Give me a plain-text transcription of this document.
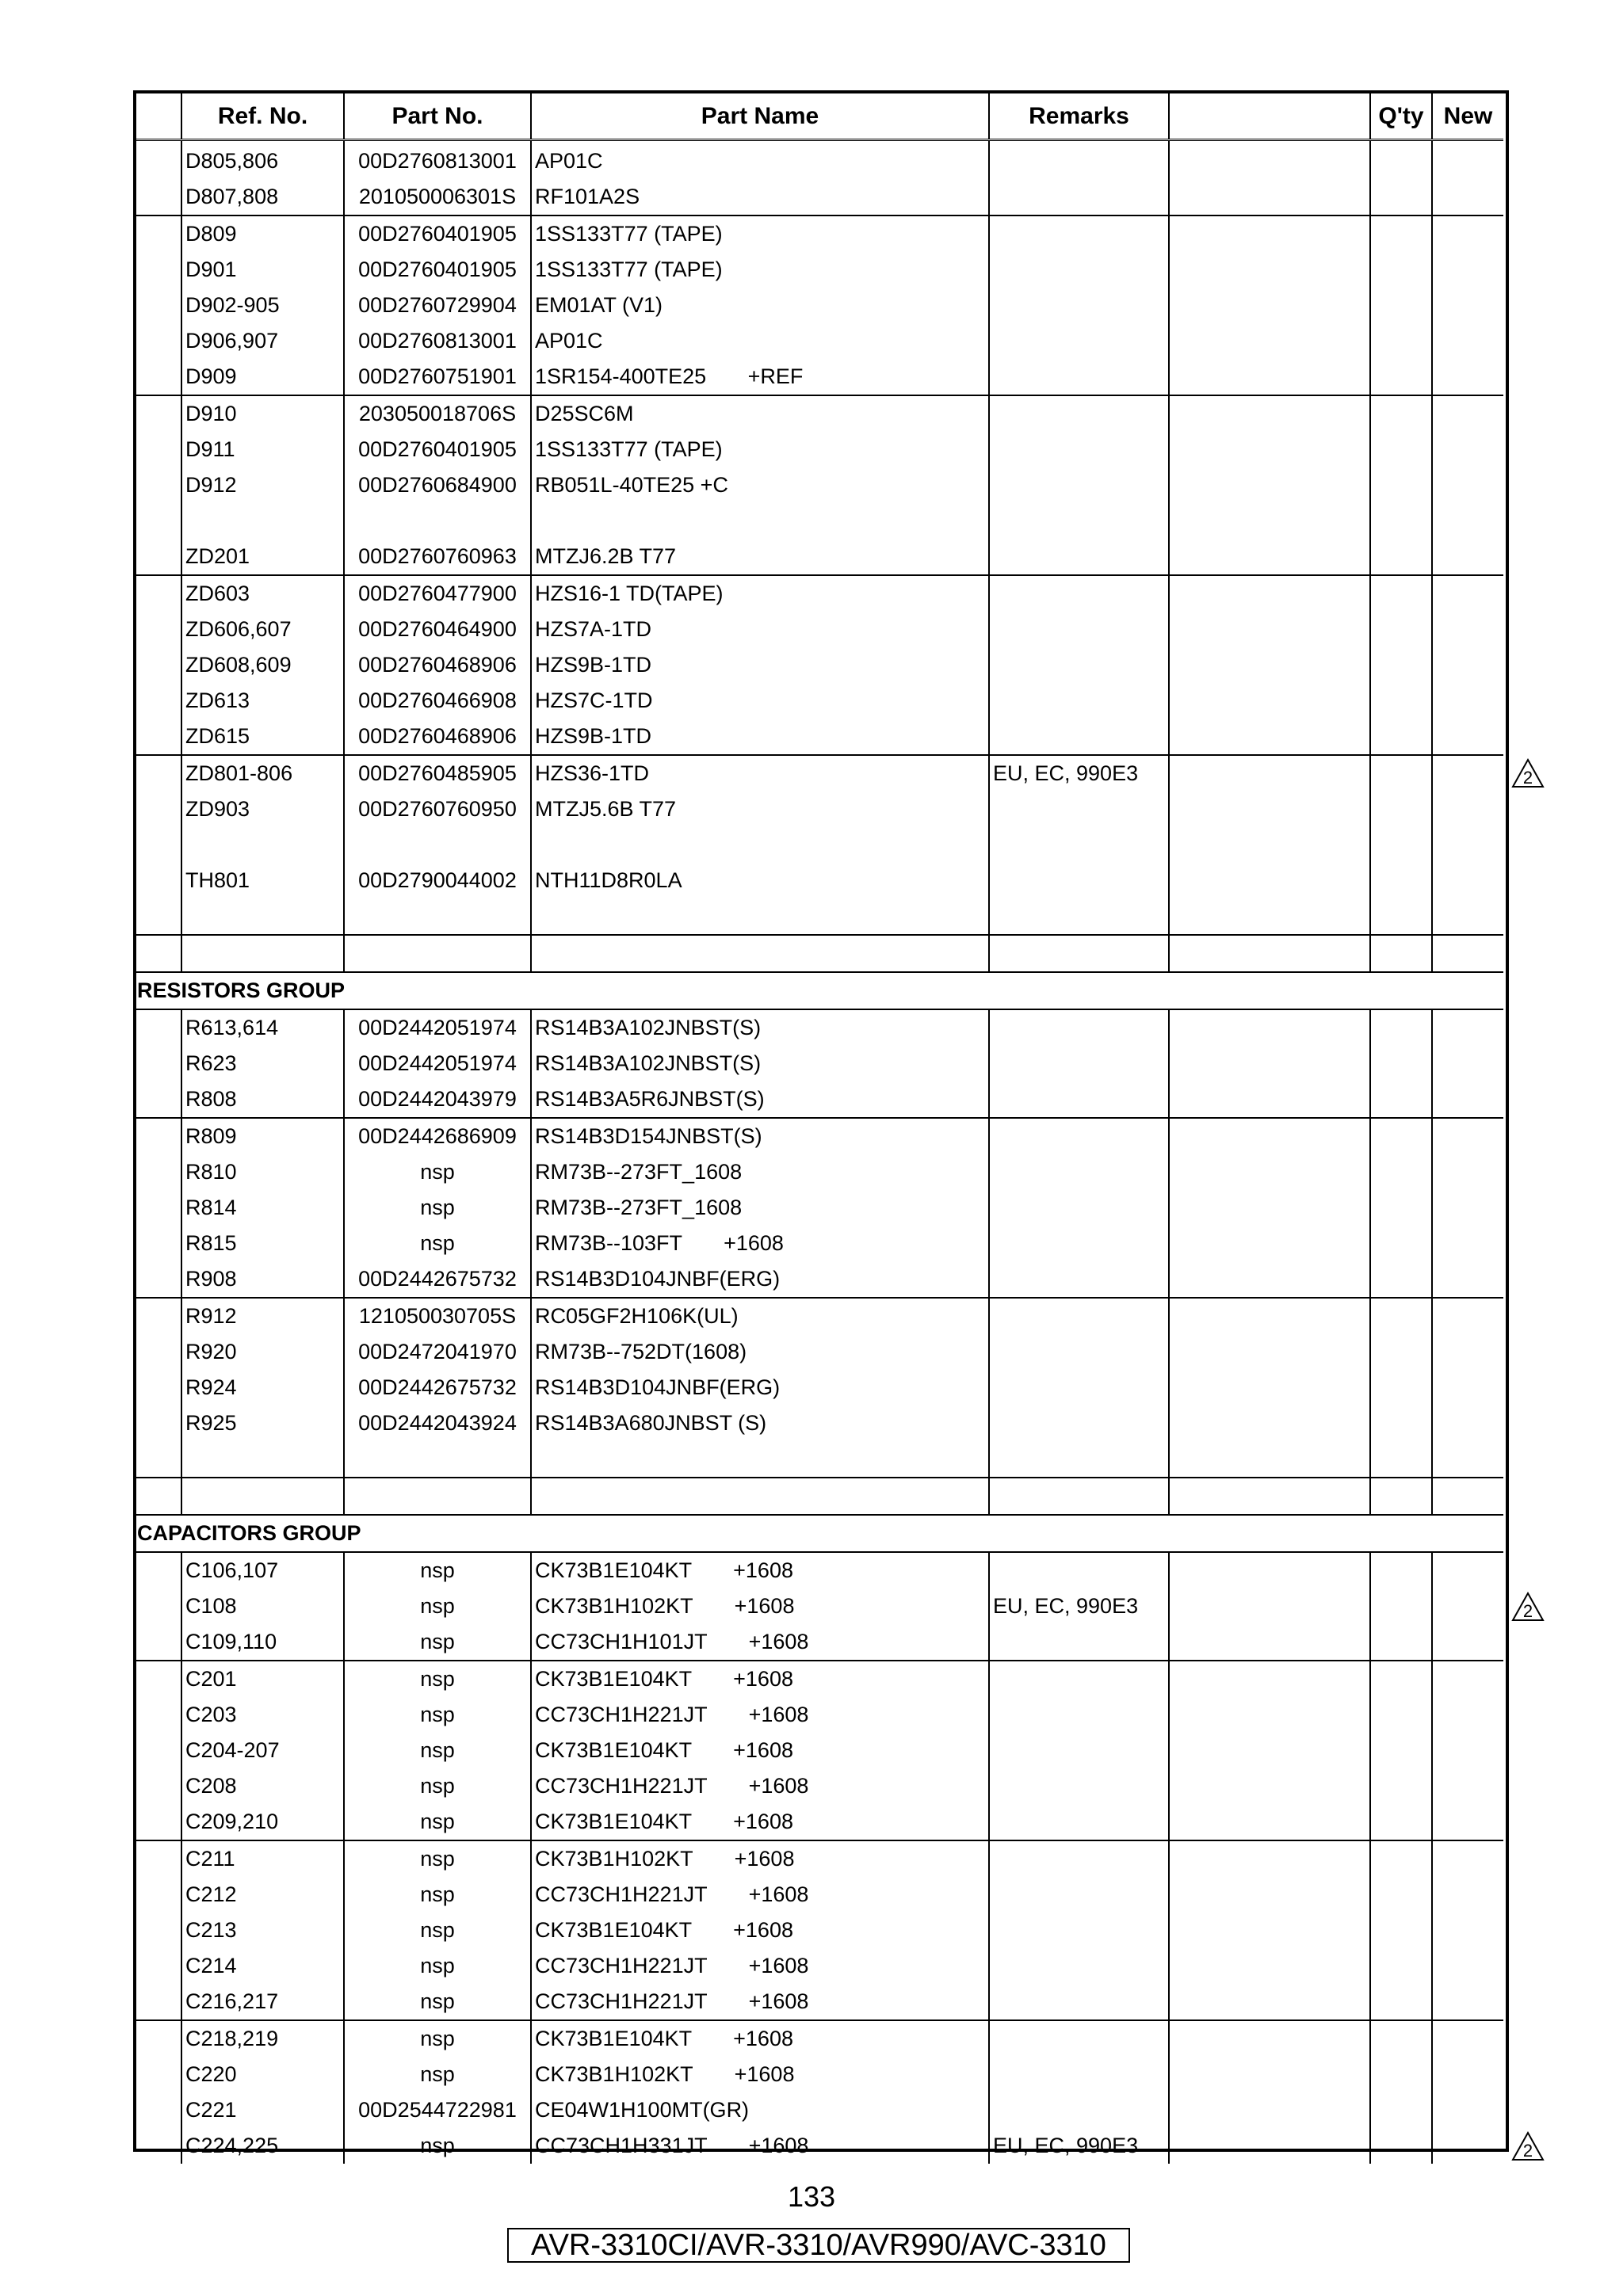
	Ref. No.	Part No.	Part Name	Remarks		Q'ty	New

	D805,806	00D2760813001	AP01C				
	D807,808	201050006301S	RF101A2S				
	D809	00D2760401905	1SS133T77 (TAPE)				
	D901	00D2760401905	1SS133T77 (TAPE)				
	D902-905	00D2760729904	EM01AT (V1)				
	D906,907	00D2760813001	AP01C				
	D909	00D2760751901	1SR154-400TE25       +REF				
	D910	203050018706S	D25SC6M				
	D911	00D2760401905	1SS133T77 (TAPE)				
	D912	00D2760684900	RB051L-40TE25 +C				

	ZD201	00D2760760963	MTZJ6.2B T77				
	ZD603	00D2760477900	HZS16-1 TD(TAPE)				
	ZD606,607	00D2760464900	HZS7A-1TD				
	ZD608,609	00D2760468906	HZS9B-1TD				
	ZD613	00D2760466908	HZS7C-1TD				
	ZD615	00D2760468906	HZS9B-1TD				
	ZD801-806	00D2760485905	HZS36-1TD	EU, EC, 990E3			
	ZD903	00D2760760950	MTZJ5.6B T77				

	TH801	00D2790044002	NTH11D8R0LA				

RESISTORS GROUP							
	R613,614	00D2442051974	RS14B3A102JNBST(S)				
	R623	00D2442051974	RS14B3A102JNBST(S)				
	R808	00D2442043979	RS14B3A5R6JNBST(S)				
	R809	00D2442686909	RS14B3D154JNBST(S)				
	R810	nsp	RM73B--273FT_1608				
	R814	nsp	RM73B--273FT_1608				
	R815	nsp	RM73B--103FT       +1608				
	R908	00D2442675732	RS14B3D104JNBF(ERG)				
	R912	121050030705S	RC05GF2H106K(UL)				
	R920	00D2472041970	RM73B--752DT(1608)				
	R924	00D2442675732	RS14B3D104JNBF(ERG)				
	R925	00D2442043924	RS14B3A680JNBST (S)				

CAPACITORS GROUP							
	C106,107	nsp	CK73B1E104KT       +1608				
	C108	nsp	CK73B1H102KT       +1608	EU, EC, 990E3			
	C109,110	nsp	CC73CH1H101JT       +1608				
	C201	nsp	CK73B1E104KT       +1608				
	C203	nsp	CC73CH1H221JT       +1608				
	C204-207	nsp	CK73B1E104KT       +1608				
	C208	nsp	CC73CH1H221JT       +1608				
	C209,210	nsp	CK73B1E104KT       +1608				
	C211	nsp	CK73B1H102KT       +1608				
	C212	nsp	CC73CH1H221JT       +1608				
	C213	nsp	CK73B1E104KT       +1608				
	C214	nsp	CC73CH1H221JT       +1608				
	C216,217	nsp	CC73CH1H221JT       +1608				
	C218,219	nsp	CK73B1E104KT       +1608				
	C220	nsp	CK73B1H102KT       +1608				
	C221	00D2544722981	CE04W1H100MT(GR)				
	C224,225	nsp	CC73CH1H331JT       +1608	EU, EC, 990E3			
2
2
2
133
AVR-3310CI/AVR-3310/AVR990/AVC-3310
